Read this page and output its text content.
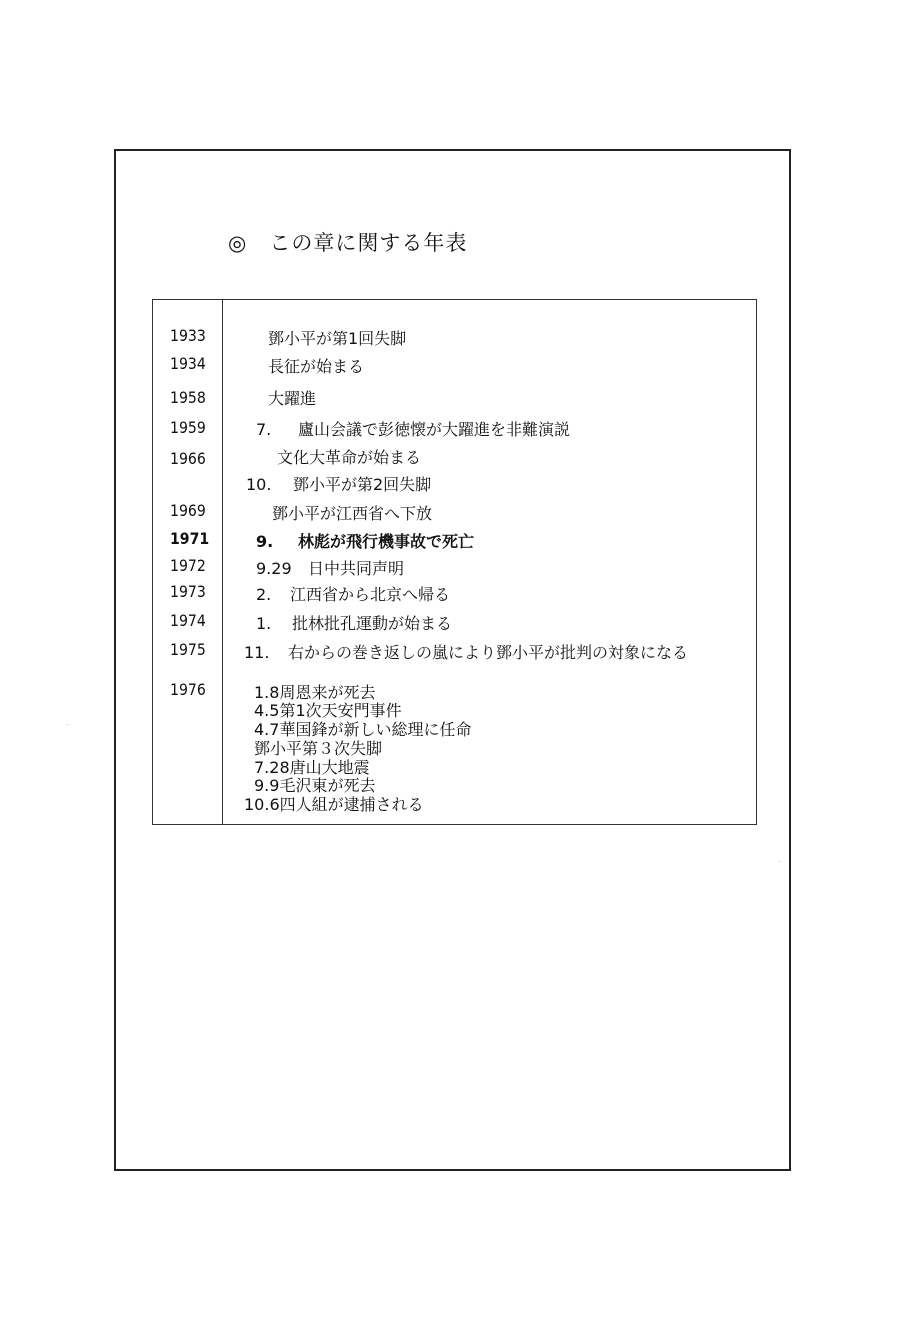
◎ この章に関する年表
1933
1934
1958
1959
1966
1969
1971
1972
1973
1974
1975
1976
鄧小平が第1回失脚
長征が始まる
大躍進
7. 廬山会議で彭徳懐が大躍進を非難演説
文化大革命が始まる
10. 鄧小平が第2回失脚
鄧小平が江西省へ下放
9. 林彪が飛行機事故で死亡
9.29 日中共同声明
2. 江西省から北京へ帰る
1. 批林批孔運動が始まる
11. 右からの巻き返しの嵐により鄧小平が批判の対象になる
1.8周恩来が死去
4.5第1次天安門事件
4.7華国鋒が新しい総理に任命
鄧小平第３次失脚
7.28唐山大地震
9.9毛沢東が死去
10.6四人組が逮捕される
